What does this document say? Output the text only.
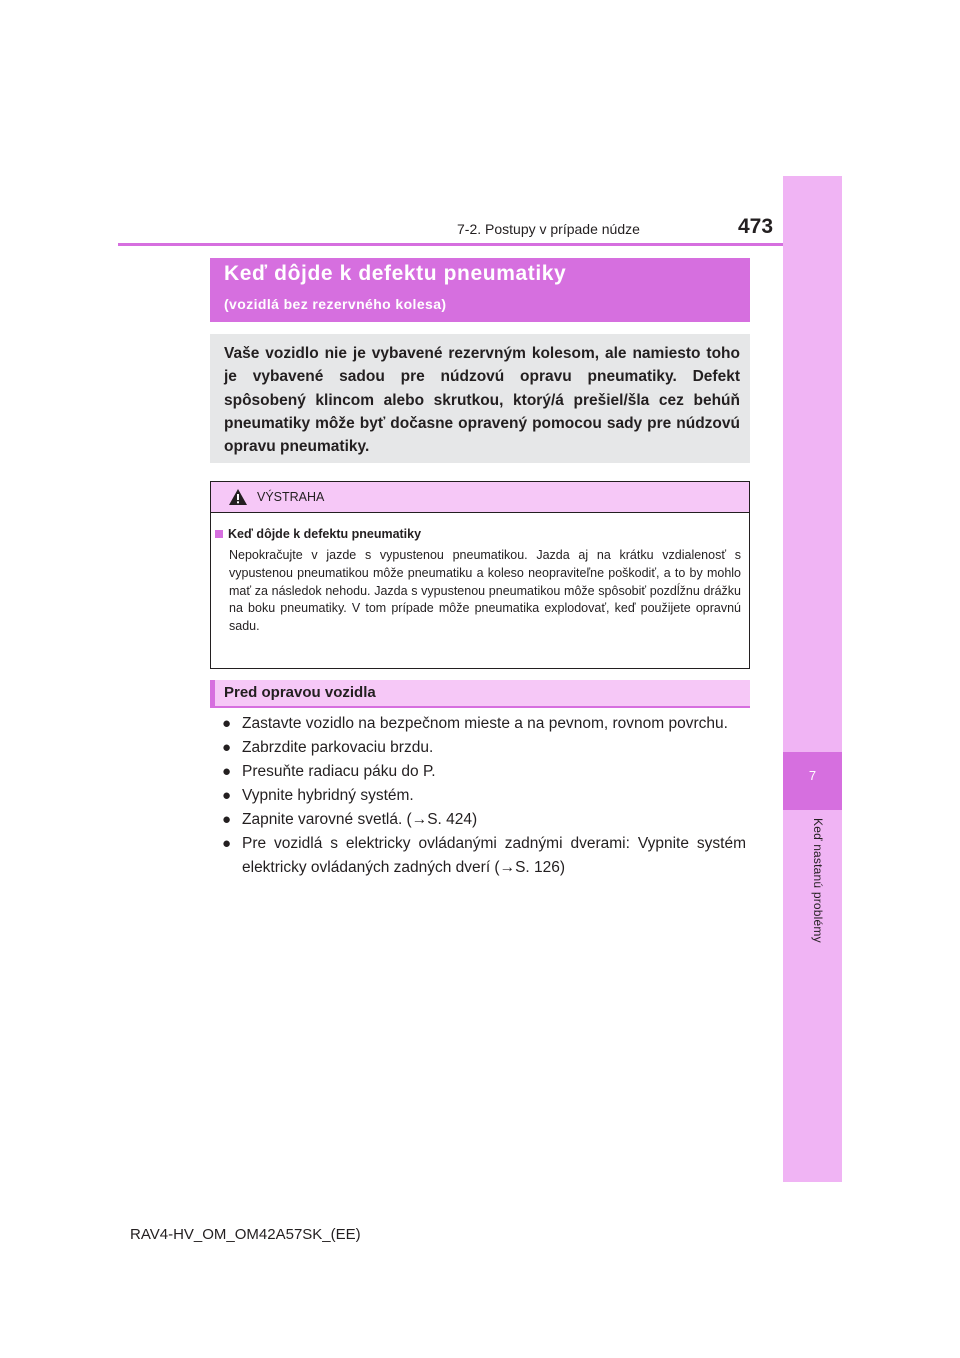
7
Keď nastanú problémy
7-2. Postupy v prípade núdze	473
Keď dôjde k defektu pneumatiky
(vozidlá bez rezervného kolesa)
Vaše vozidlo nie je vybavené rezervným kolesom, ale namiesto toho je vybavené sadou pre núdzovú opravu pneumatiky. Defekt spôsobený klincom alebo skrutkou, ktorý/á prešiel/šla cez behúň pneumatiky môže byť dočasne opravený pomocou sady pre núdzovú opravu pneumatiky.
VÝSTRAHA
Keď dôjde k defektu pneumatiky
Nepokračujte v jazde s vypustenou pneumatikou. Jazda aj na krátku vzdialenosť s vypustenou pneumatikou môže pneumatiku a koleso neopraviteľne poškodiť, a to by mohlo mať za následok nehodu. Jazda s vypustenou pneumatikou môže spôsobiť pozdĺžnu drážku na boku pneumatiky. V tom prípade môže pneumatika explodovať, keď použijete opravnú sadu.
Pred opravou vozidla
● Zastavte vozidlo na bezpečnom mieste a na pevnom, rovnom povrchu.
● Zabrzdite parkovaciu brzdu.
● Presuňte radiacu páku do P.
● Vypnite hybridný systém.
● Zapnite varovné svetlá. (→S. 424)
● Pre vozidlá s elektricky ovládanými zadnými dverami: Vypnite systém elektricky ovládaných zadných dverí (→S. 126)
RAV4-HV_OM_OM42A57SK_(EE)
